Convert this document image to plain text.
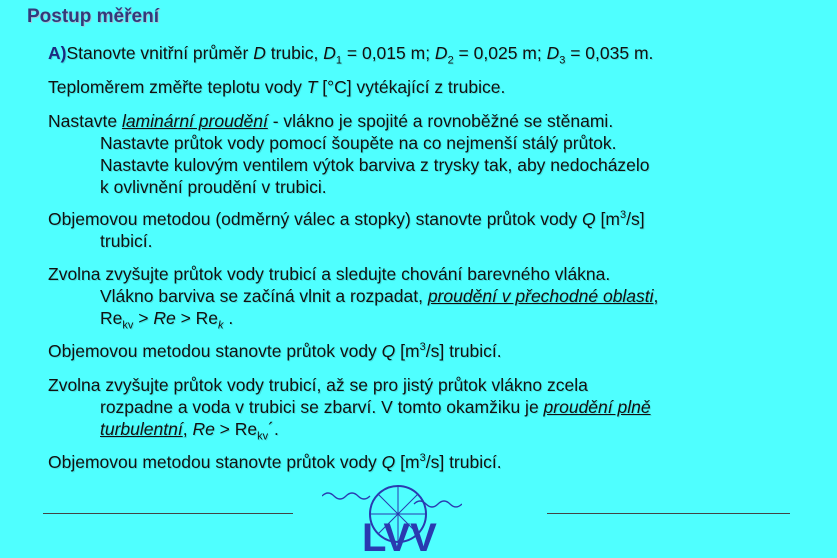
Postup měření
A)Stanovte vnitřní průměr D trubic, $D_1 = 0,015$ m; $D_2 = 0,025$ m; $D_3 = 0,035$ m.
Teploměrem změřte teplotu vody T [°C] vytékající z trubice.
Nastavte laminární proudění - vlákno je spojité a rovnoběžné se stěnami.
Nastavte průtok vody pomocí šoupěte na co nejmenší stálý průtok.
Nastavte kulovým ventilem výtok barviva z trysky tak, aby nedocházelo
k ovlivnění proudění v trubici.
Objemovou metodou (odměrný válec a stopky) stanovte průtok vody Q $[m^3/s]$
trubicí.
Zvolna zvyšujte průtok vody trubicí a sledujte chování barevného vlákna.
Vlákno barviva se začíná vlnit a rozpadat, proudění v přechodné oblasti,
$Re_{kv} > Re > Re_k$ .
Objemovou metodou stanovte průtok vody Q $[m^3/s]$ trubicí.
Zvolna zvyšujte průtok vody trubicí, až se pro jistý průtok vlákno zcela
rozpadne a voda v trubici se zbarví. V tomto okamžiku je proudění plně
turbulentní, $Re > Re_{kv}´$.
Objemovou metodou stanovte průtok vody Q $[m^3/s]$ trubicí.
LVV
